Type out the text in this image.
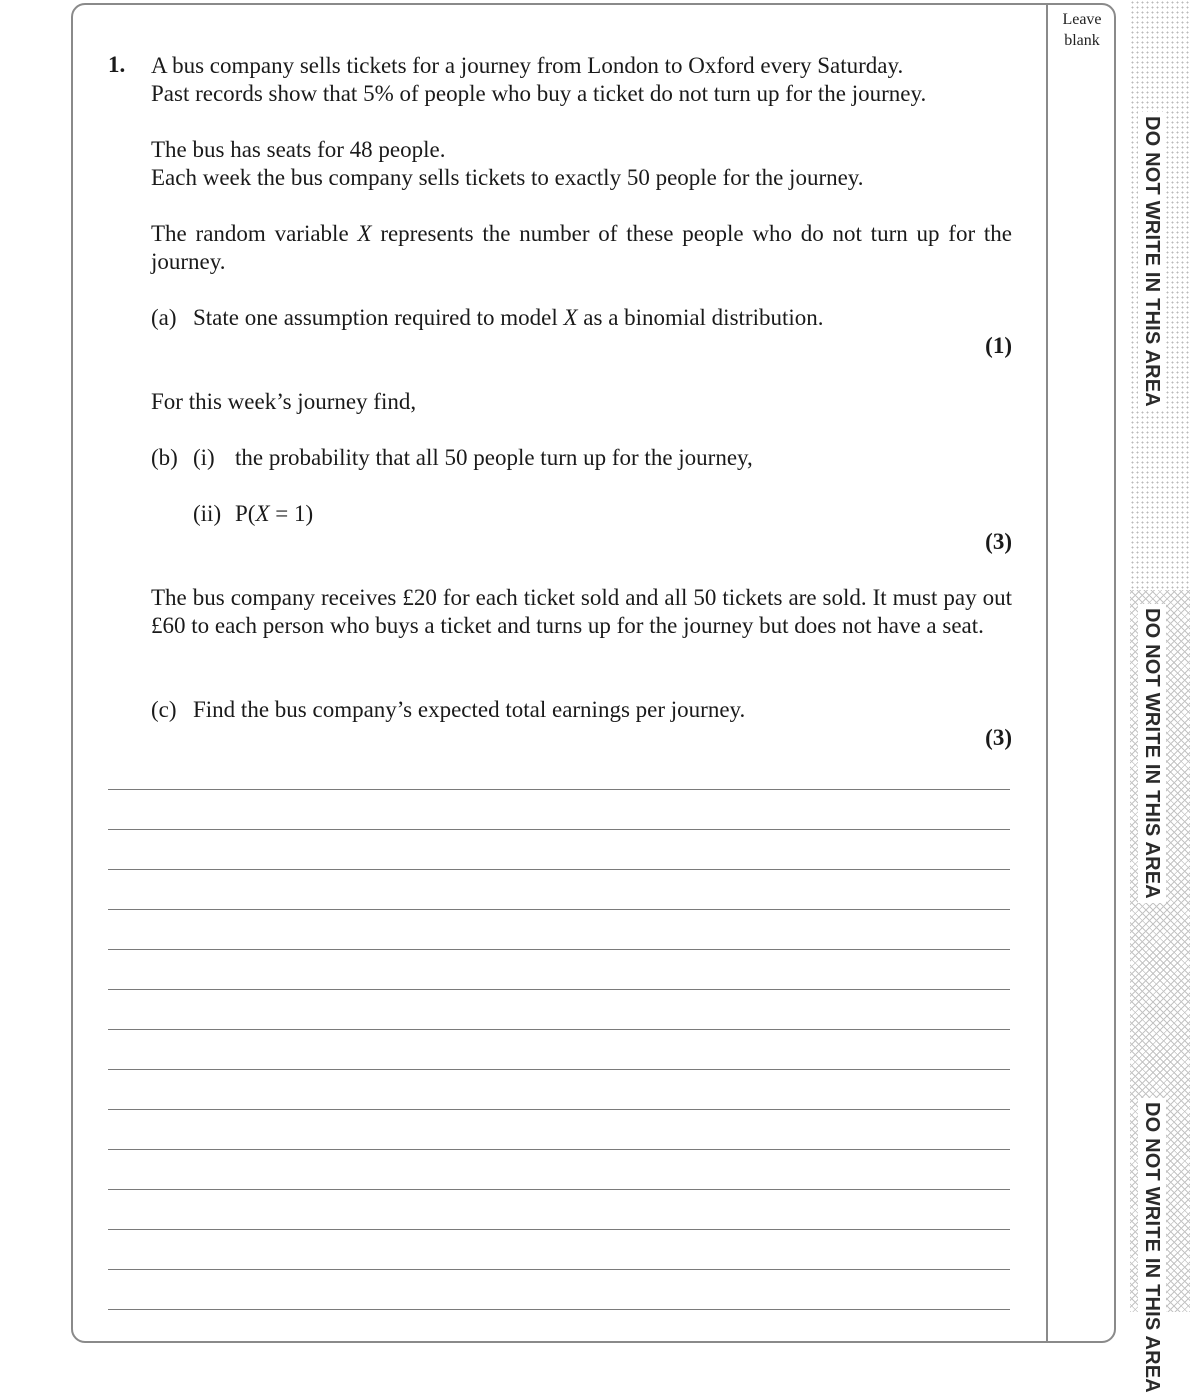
Leave
blank
DO NOT WRITE IN THIS AREA
DO NOT WRITE IN THIS AREA
DO NOT WRITE IN THIS AREA
1. A bus company sells tickets for a journey from London to Oxford every Saturday.
Past records show that 5% of people who buy a ticket do not turn up for the journey.
The bus has seats for 48 people.
Each week the bus company sells tickets to exactly 50 people for the journey.
The random variable X represents the number of these people who do not turn up for the journey.
(a) State one assumption required to model X as a binomial distribution.
(1)
For this week’s journey find,
(b) (i) the probability that all 50 people turn up for the journey,
(ii) P(X = 1)
(3)
The bus company receives £20 for each ticket sold and all 50 tickets are sold. It must pay out £60 to each person who buys a ticket and turns up for the journey but does not have a seat.
(c) Find the bus company’s expected total earnings per journey.
(3)
